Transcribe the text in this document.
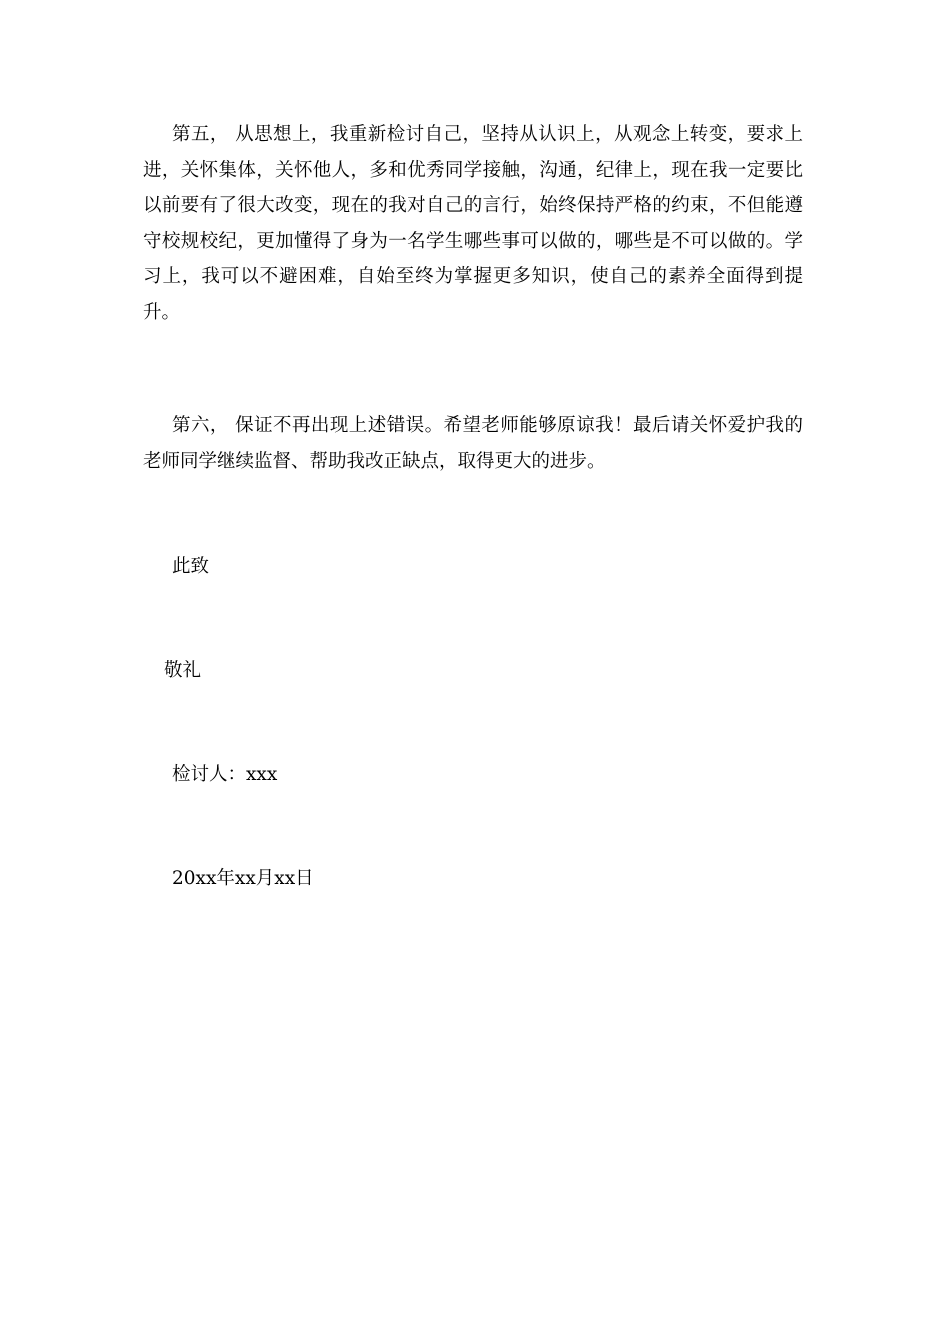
第五， 从思想上，我重新检讨自己，坚持从认识上，从观念上转变，要求上进，关怀集体，关怀他人，多和优秀同学接触，沟通，纪律上，现在我一定要比以前要有了很大改变，现在的我对自己的言行，始终保持严格的约束，不但能遵守校规校纪，更加懂得了身为一名学生哪些事可以做的，哪些是不可以做的。学习上，我可以不避困难，自始至终为掌握更多知识，使自己的素养全面得到提升。

第六， 保证不再出现上述错误。希望老师能够原谅我！最后请关怀爱护我的老师同学继续监督、帮助我改正缺点，取得更大的进步。

此致

敬礼

检讨人：xxx

20xx年xx月xx日
